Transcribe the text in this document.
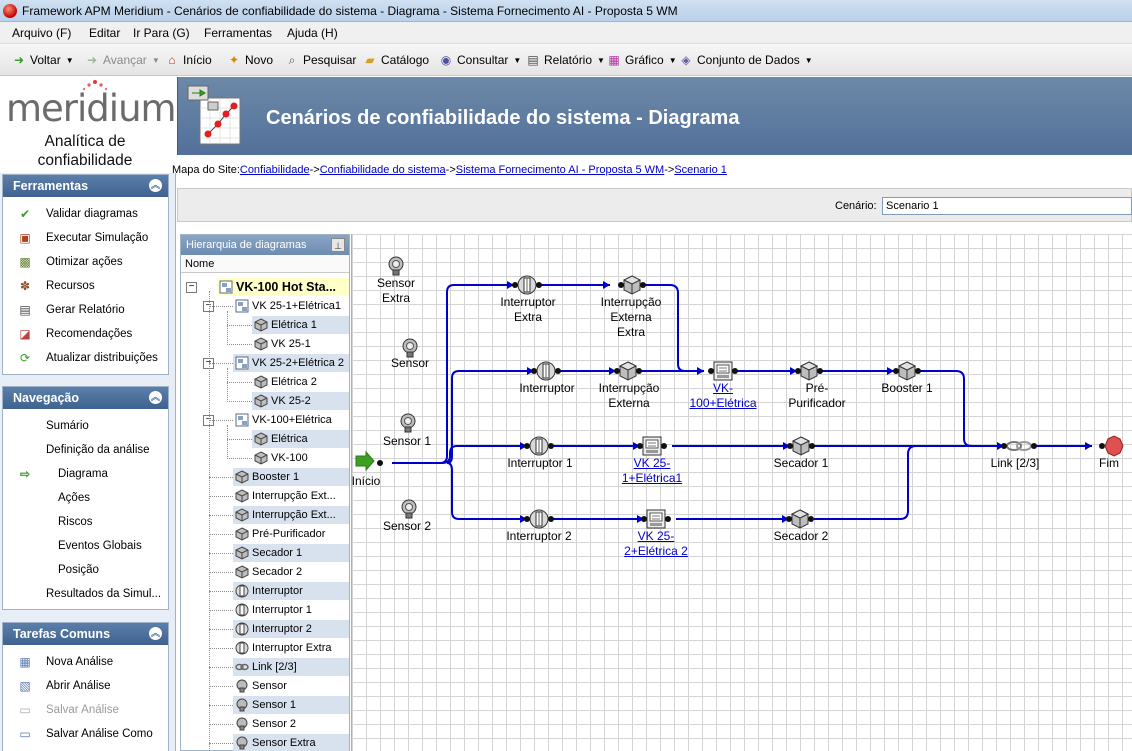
Framework APM Meridium - Cenários de confiabilidade do sistema - Diagrama - Sistema Fornecimento AI - Proposta 5 WM
Arquivo (F) Editar Ir Para (G) Ferramentas Ajuda (H)
➜ Voltar ▼ ➜ Avançar ▼ ⌂ Início ✦ Novo	⌕ Pesquisar ▰ Catálogo ◉ Consultar ▼ ▤ Relatório ▼ ▦ Gráfico ▼ ◈ Conjunto de Dados ▼
meridium
Analítica de
confiabilidade
Ferramentas	︽
✔ Validar diagramas
▣ Executar Simulação
▩ Otimizar ações
✽ Recursos
▤ Gerar Relatório
◪ Recomendações
⟳ Atualizar distribuições
Navegação	︽
Sumário
Definição da análise
⇨ Diagrama
Ações
Riscos
Eventos Globais
Posição
Resultados da Simul...
Tarefas Comuns	︽
▦ Nova Análise
▧ Abrir Análise
▭ Salvar Análise
▭ Salvar Análise Como
Cenários de confiabilidade do sistema - Diagrama
Mapa do Site:Confiabilidade->Confiabilidade do sistema->Sistema Fornecimento AI - Proposta 5 WM->Scenario 1
Cenário: Scenario 1
Hierarquia de diagramas	⊥
Nome
VK-100 Hot Sta...
−
VK 25-1+Elétrica1
−
Elétrica 1
VK 25-1
VK 25-2+Elétrica 2
−
Elétrica 2
VK 25-2
VK-100+Elétrica
−
Elétrica
VK-100
Booster 1
Interrupção Ext...
Interrupção Ext...
Pré-Purificador
Secador 1
Secador 2
Interruptor
Interruptor 1
Interruptor 2
Interruptor Extra
Link [2/3]
Sensor
Sensor 1
Sensor 2
Sensor Extra
Início
Fim
Sensor
Extra
Sensor
Sensor 1
Sensor 2
Interruptor
Extra
Interrupção
Externa
Extra
Interruptor Interrupção
Externa
VK-
100+Elétrica
Pré-
Purificador
Booster 1
Interruptor 1	VK 25-
1+Elétrica1
Secador 1
Interruptor 2	VK 25-
2+Elétrica 2
Secador 2
Link [2/3]
